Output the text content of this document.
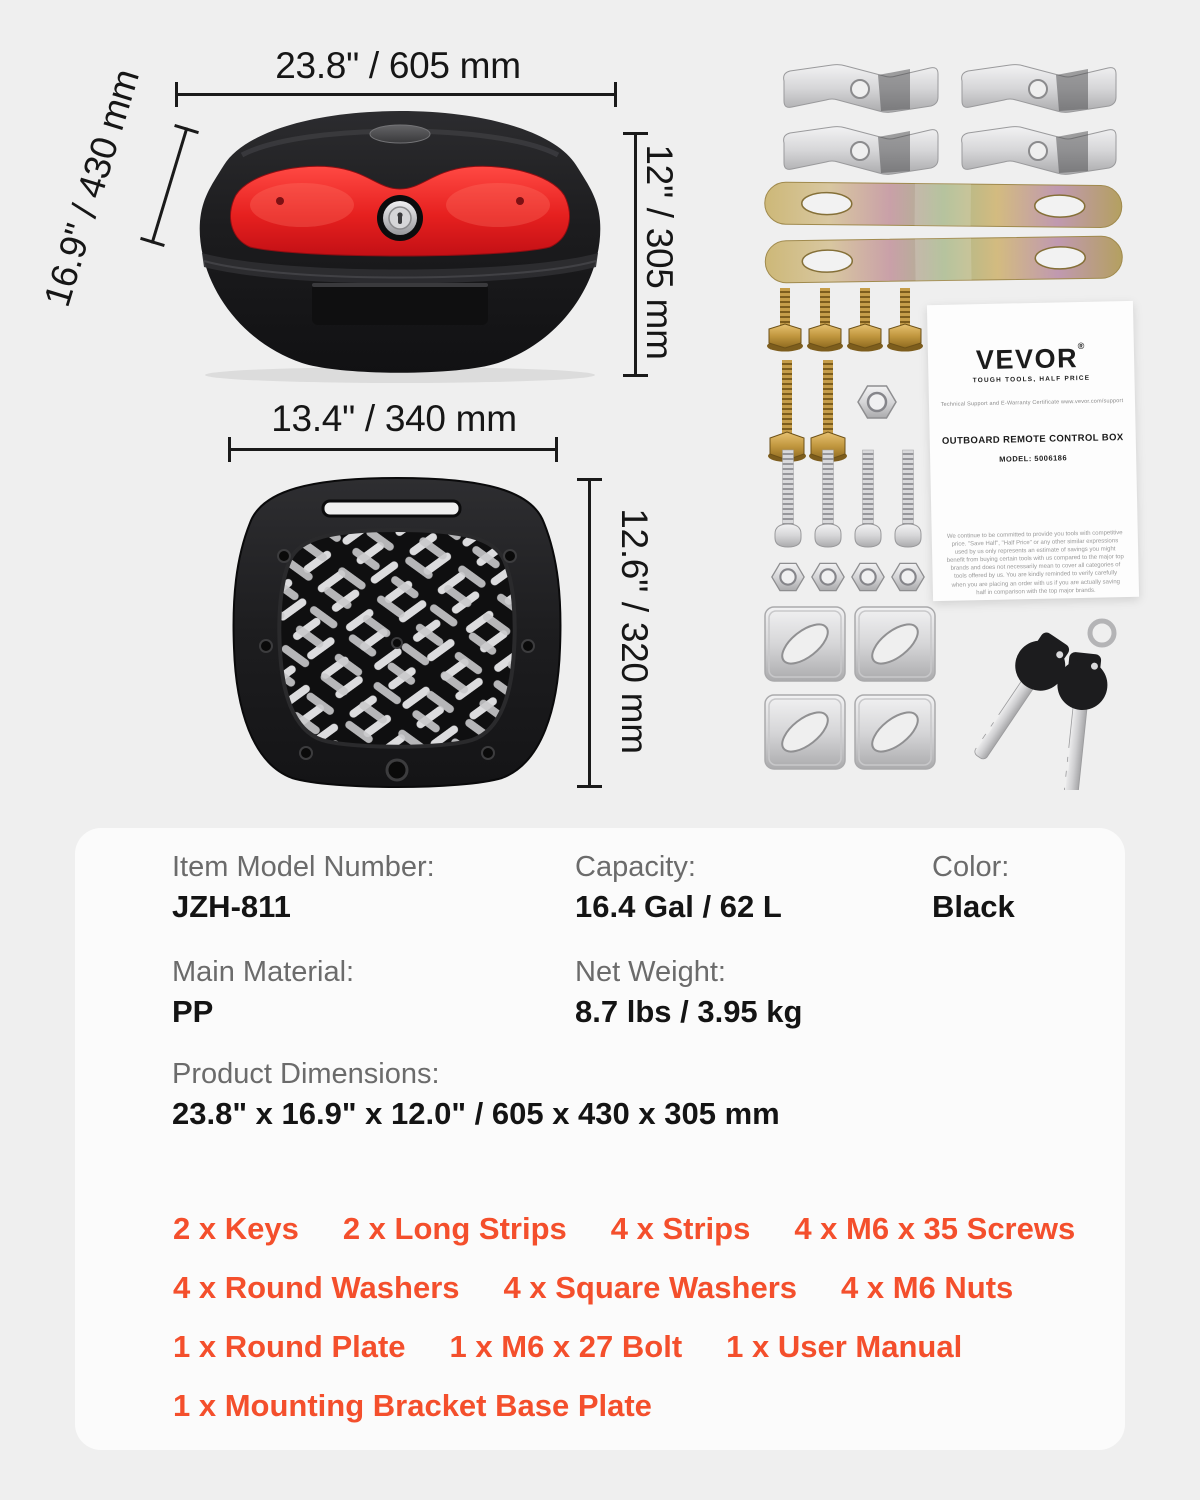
23.8" / 605 mm
16.9" / 430 mm	12" / 305 mm
13.4" / 340 mm
12.6" / 320 mm
VEVOR®
TOUGH TOOLS, HALF PRICE
Technical Support and E-Warranty Certificate www.vevor.com/support
OUTBOARD REMOTE CONTROL BOX
MODEL: 5006186
We continue to be committed to provide you tools with competitive price. "Save Half", "Half Price" or any other similar expressions used by us only represents an estimate of savings you might benefit from buying certain tools with us compared to the major top brands and does not necessarily mean to cover all categories of tools offered by us. You are kindly reminded to verify carefully when you are placing an order with us if you are actually saving half in comparison with the top major brands.
Item Model Number:
JZH-811
Capacity:
16.4 Gal / 62 L
Color:
Black
Main Material:
PP
Net Weight:
8.7 lbs / 3.95 kg
Product Dimensions:
23.8" x 16.9" x 12.0" / 605 x 430 x 305 mm
2 x Keys 2 x Long Strips 4 x Strips 4 x M6 x 35 Screws
4 x Round Washers 4 x Square Washers 4 x M6 Nuts
1 x Round Plate 1 x M6 x 27 Bolt 1 x User Manual
1 x Mounting Bracket Base Plate
